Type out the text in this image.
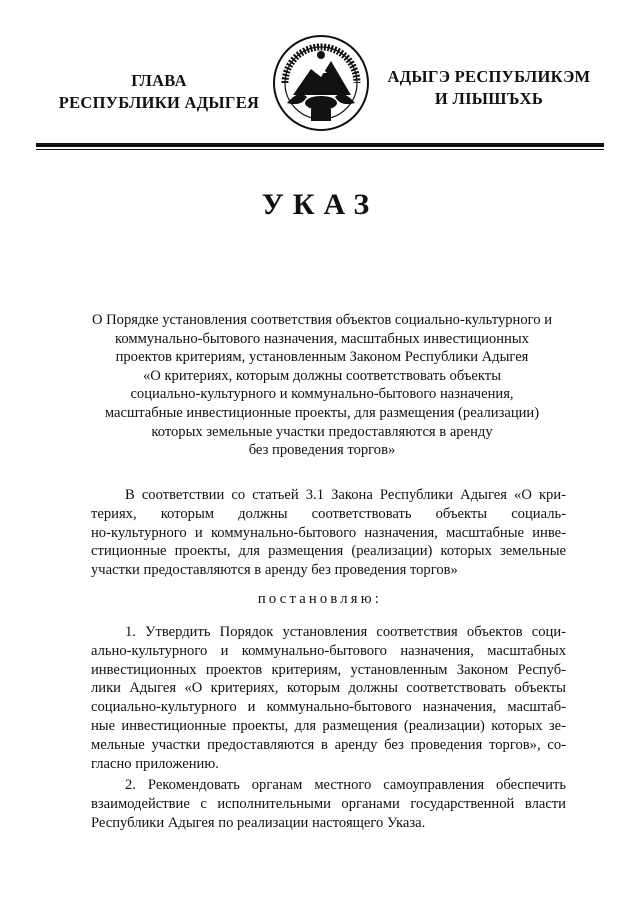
ГЛАВА
РЕСПУБЛИКИ АДЫГЕЯ
АДЫГЭ РЕСПУБЛИКЭМ
И ЛІЫШЪХЬ
УКАЗ
О Порядке установления соответствия объектов социально-культурного и
коммунально-бытового назначения, масштабных инвестиционных
проектов критериям, установленным Законом Республики Адыгея
«О критериях, которым должны соответствовать объекты
социально-культурного и коммунально-бытового назначения,
масштабные инвестиционные проекты, для размещения (реализации)
которых земельные участки предоставляются в аренду
без проведения торгов»
В соответствии со статьей 3.1 Закона Республики Адыгея «О кри-
териях, которым должны соответствовать объекты социаль-
но-культурного и коммунально-бытового назначения, масштабные инве-
стиционные проекты, для размещения (реализации) которых земельные
участки предоставляются в аренду без проведения торгов»
постановляю:
1. Утвердить Порядок установления соответствия объектов соци-
ально-культурного и коммунально-бытового назначения, масштабных
инвестиционных проектов критериям, установленным Законом Респуб-
лики Адыгея «О критериях, которым должны соответствовать объекты
социально-культурного и коммунально-бытового назначения, масштаб-
ные инвестиционные проекты, для размещения (реализации) которых зе-
мельные участки предоставляются в аренду без проведения торгов», со-
гласно приложению.
2. Рекомендовать органам местного самоуправления обеспечить
взаимодействие с исполнительными органами государственной власти
Республики Адыгея по реализации настоящего Указа.
